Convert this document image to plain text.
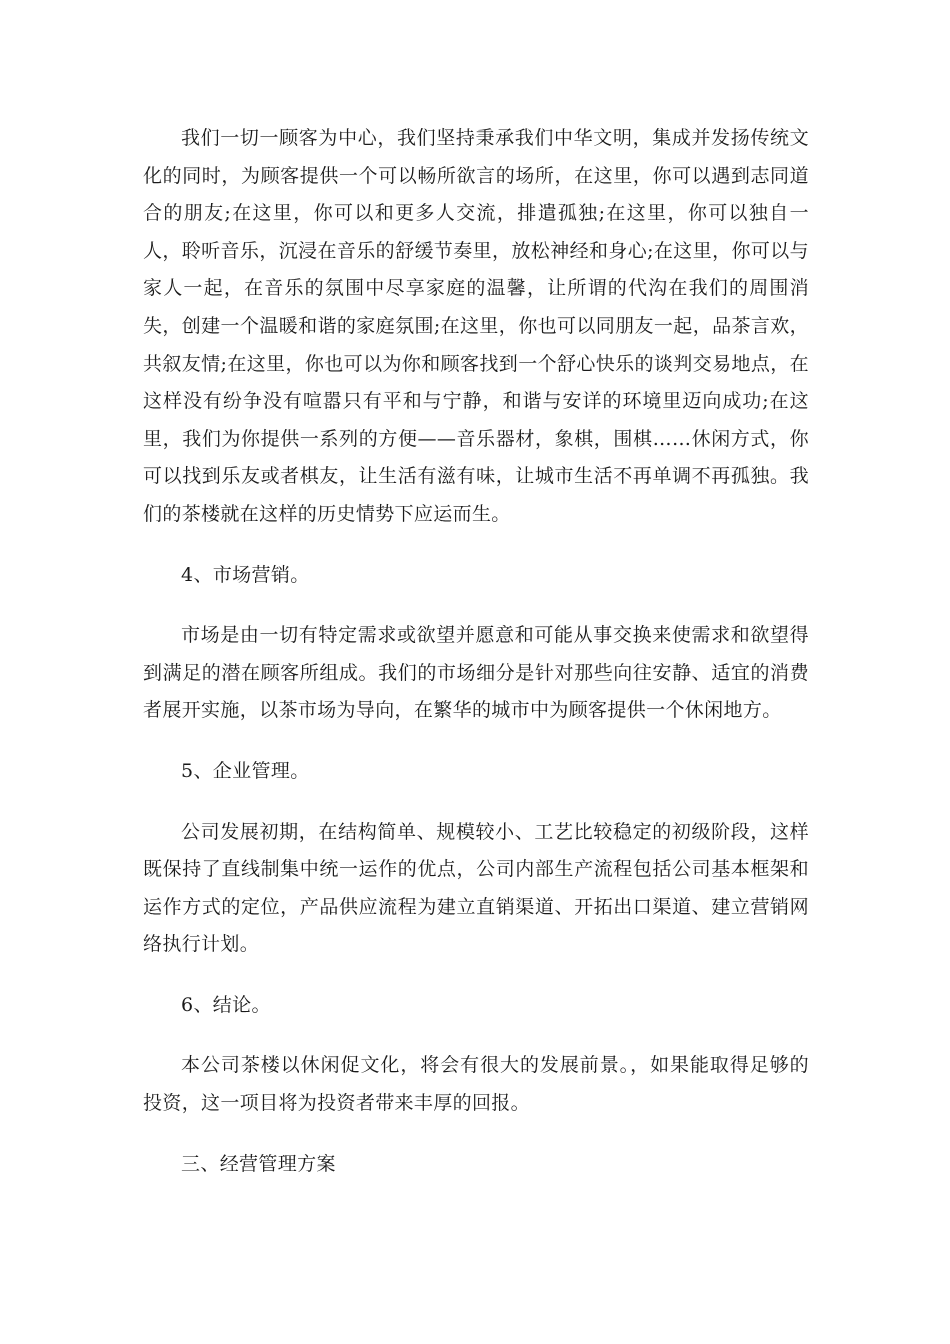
我们一切一顾客为中心，我们坚持秉承我们中华文明，集成并发扬传统文化的同时，为顾客提供一个可以畅所欲言的场所，在这里，你可以遇到志同道合的朋友;在这里，你可以和更多人交流，排遣孤独;在这里，你可以独自一人，聆听音乐，沉浸在音乐的舒缓节奏里，放松神经和身心;在这里，你可以与家人一起，在音乐的氛围中尽享家庭的温馨，让所谓的代沟在我们的周围消失，创建一个温暖和谐的家庭氛围;在这里，你也可以同朋友一起，品茶言欢，共叙友情;在这里，你也可以为你和顾客找到一个舒心快乐的谈判交易地点，在这样没有纷争没有喧嚣只有平和与宁静，和谐与安详的环境里迈向成功;在这里，我们为你提供一系列的方便——音乐器材，象棋，围棋……休闲方式，你可以找到乐友或者棋友，让生活有滋有味，让城市生活不再单调不再孤独。我们的茶楼就在这样的历史情势下应运而生。

4、市场营销。

市场是由一切有特定需求或欲望并愿意和可能从事交换来使需求和欲望得到满足的潜在顾客所组成。我们的市场细分是针对那些向往安静、适宜的消费者展开实施，以茶市场为导向，在繁华的城市中为顾客提供一个休闲地方。

5、企业管理。

公司发展初期，在结构简单、规模较小、工艺比较稳定的初级阶段，这样既保持了直线制集中统一运作的优点，公司内部生产流程包括公司基本框架和运作方式的定位，产品供应流程为建立直销渠道、开拓出口渠道、建立营销网络执行计划。

6、结论。

本公司茶楼以休闲促文化，将会有很大的发展前景。，如果能取得足够的投资，这一项目将为投资者带来丰厚的回报。

三、经营管理方案
